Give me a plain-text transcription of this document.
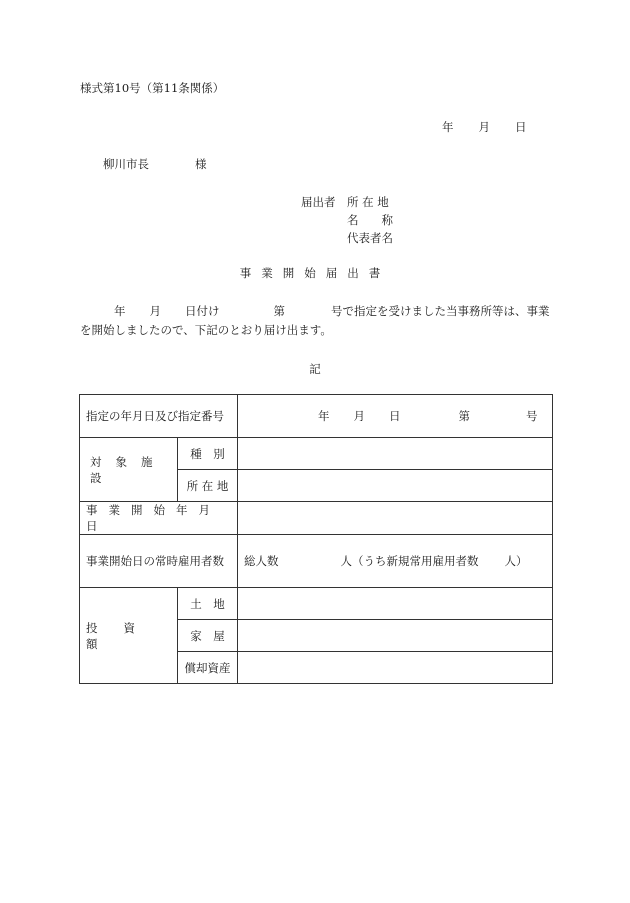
様式第10号（第11条関係）
年 月 日
柳川市長	様
届出者	所 在 地
名　　称
代表者名
事業開始届出書
年 月 日付け	第	号で指定を受けました当事務所等は、事業を開始しましたので、下記のとおり届け出ます。
記
指定の年月日及び指定番号		年 月 日 第 号

対象施設	種　別	
	所 在 地	
事業開始年月日		
事業開始日の常時雇用者数		総人数 人（うち新規常用雇用者数 人）
投資額	土　地	
	家　屋	
	償却資産	
